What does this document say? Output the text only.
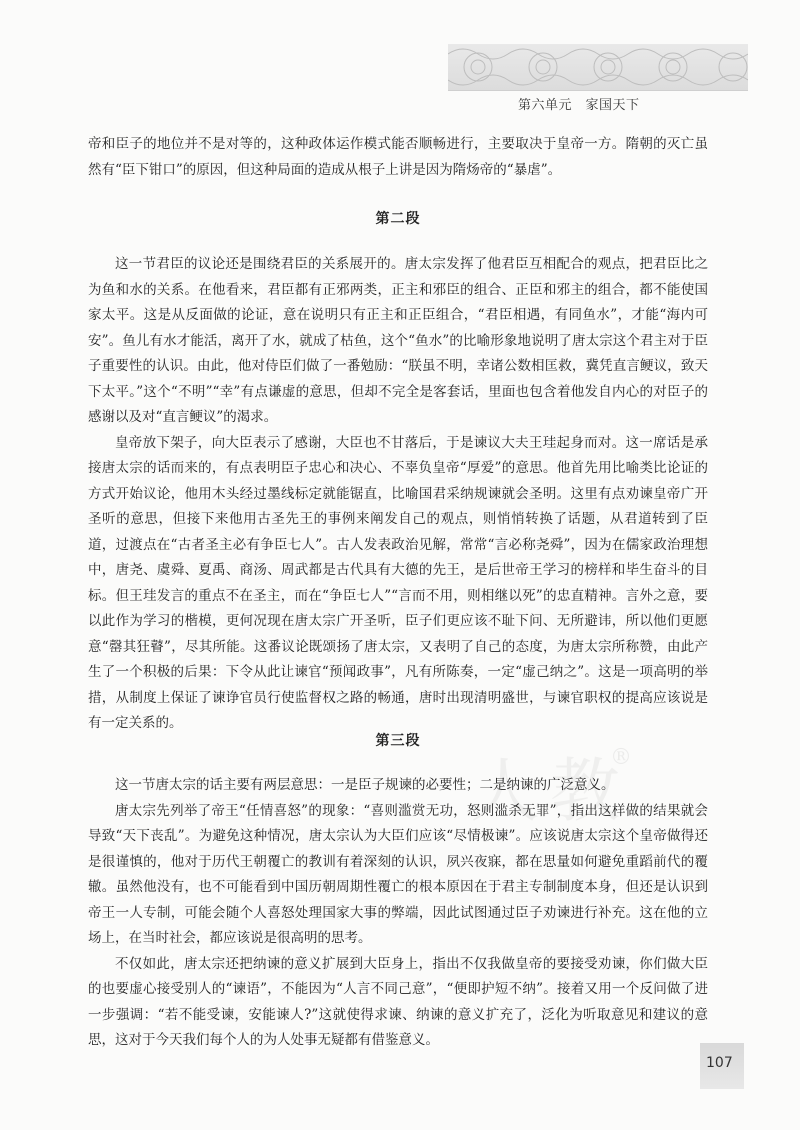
第六单元　家国天下

帝和臣子的地位并不是对等的，这种政体运作模式能否顺畅进行，主要取决于皇帝一方。隋朝的灭亡虽然有“臣下钳口”的原因，但这种局面的造成从根子上讲是因为隋炀帝的“暴虐”。

第二段

这一节君臣的议论还是围绕君臣的关系展开的。唐太宗发挥了他君臣互相配合的观点，把君臣比之为鱼和水的关系。在他看来，君臣都有正邪两类，正主和邪臣的组合、正臣和邪主的组合，都不能使国家太平。这是从反面做的论证，意在说明只有正主和正臣组合，“君臣相遇，有同鱼水”，才能“海内可安”。鱼儿有水才能活，离开了水，就成了枯鱼，这个“鱼水”的比喻形象地说明了唐太宗这个君主对于臣子重要性的认识。由此，他对侍臣们做了一番勉励：“朕虽不明，幸诸公数相匡救，冀凭直言鲠议，致天下太平。”这个“不明”“幸”有点谦虚的意思，但却不完全是客套话，里面也包含着他发自内心的对臣子的感谢以及对“直言鲠议”的渴求。

皇帝放下架子，向大臣表示了感谢，大臣也不甘落后，于是谏议大夫王珪起身而对。这一席话是承接唐太宗的话而来的，有点表明臣子忠心和决心、不辜负皇帝“厚爱”的意思。他首先用比喻类比论证的方式开始议论，他用木头经过墨线标定就能锯直，比喻国君采纳规谏就会圣明。这里有点劝谏皇帝广开圣听的意思，但接下来他用古圣先王的事例来阐发自己的观点，则悄悄转换了话题，从君道转到了臣道，过渡点在“古者圣主必有争臣七人”。古人发表政治见解，常常“言必称尧舜”，因为在儒家政治理想中，唐尧、虞舜、夏禹、商汤、周武都是古代具有大德的先王，是后世帝王学习的榜样和毕生奋斗的目标。但王珪发言的重点不在圣主，而在“争臣七人”“言而不用，则相继以死”的忠直精神。言外之意，要以此作为学习的楷模，更何况现在唐太宗广开圣听，臣子们更应该不耻下问、无所避讳，所以他们更愿意“罄其狂瞽”，尽其所能。这番议论既颂扬了唐太宗，又表明了自己的态度，为唐太宗所称赞，由此产生了一个积极的后果：下令从此让谏官“预闻政事”，凡有所陈奏，一定“虚己纳之”。这是一项高明的举措，从制度上保证了谏诤官员行使监督权之路的畅通，唐时出现清明盛世，与谏官职权的提高应该说是有一定关系的。

®
第三段

这一节唐太宗的话主要有两层意思：一是臣子规谏的必要性；二是纳谏的广泛意义。

唐太宗先列举了帝王“任情喜怒”的现象：“喜则滥赏无功，怒则滥杀无罪”，指出这样做的结果就会导致“天下丧乱”。为避免这种情况，唐太宗认为大臣们应该“尽情极谏”。应该说唐太宗这个皇帝做得还是很谨慎的，他对于历代王朝覆亡的教训有着深刻的认识，夙兴夜寐，都在思量如何避免重蹈前代的覆辙。虽然他没有，也不可能看到中国历朝周期性覆亡的根本原因在于君主专制制度本身，但还是认识到帝王一人专制，可能会随个人喜怒处理国家大事的弊端，因此试图通过臣子劝谏进行补充。这在他的立场上，在当时社会，都应该说是很高明的思考。

不仅如此，唐太宗还把纳谏的意义扩展到大臣身上，指出不仅我做皇帝的要接受劝谏，你们做大臣的也要虚心接受别人的“谏语”，不能因为“人言不同己意”，“便即护短不纳”。接着又用一个反问做了进一步强调：“若不能受谏，安能谏人?”这就使得求谏、纳谏的意义扩充了，泛化为听取意见和建议的意思，这对于今天我们每个人的为人处事无疑都有借鉴意义。

107
